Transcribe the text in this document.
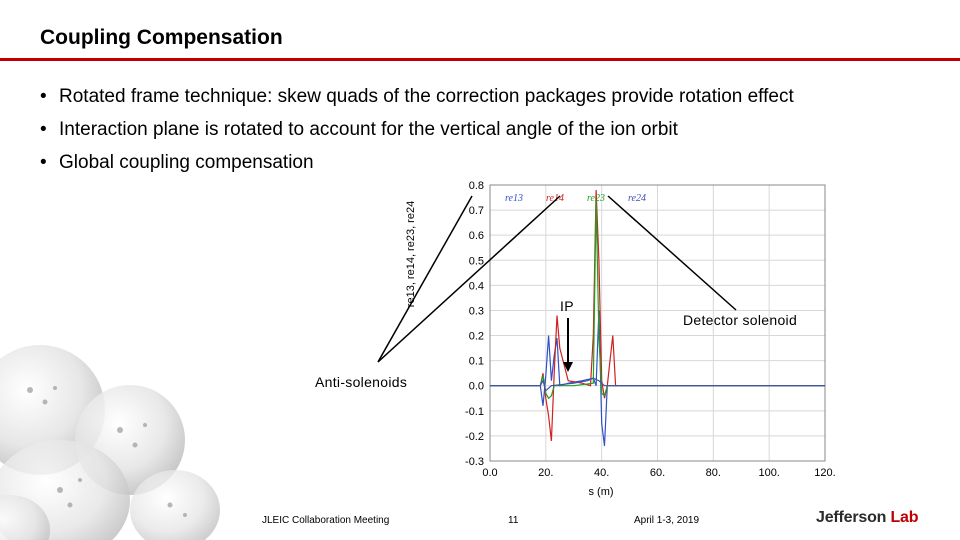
Coupling Compensation
• Rotated frame technique: skew quads of the correction packages provide rotation effect
• Interaction plane is rotated to account for the vertical angle of the ion orbit
• Global coupling compensation
re13 re14 re23 re24
-0.3
-0.2
-0.1
0.0
0.1
0.2
0.3
0.4
0.5
0.6
0.7
0.8
0.0	20.	40.	60.	80.	100.	120.
s (m)
re13, re14, re23, re24	IP
Detector solenoid
Anti-solenoids
JLEIC Collaboration Meeting	11	April 1-3, 2019	Jefferson Lab
